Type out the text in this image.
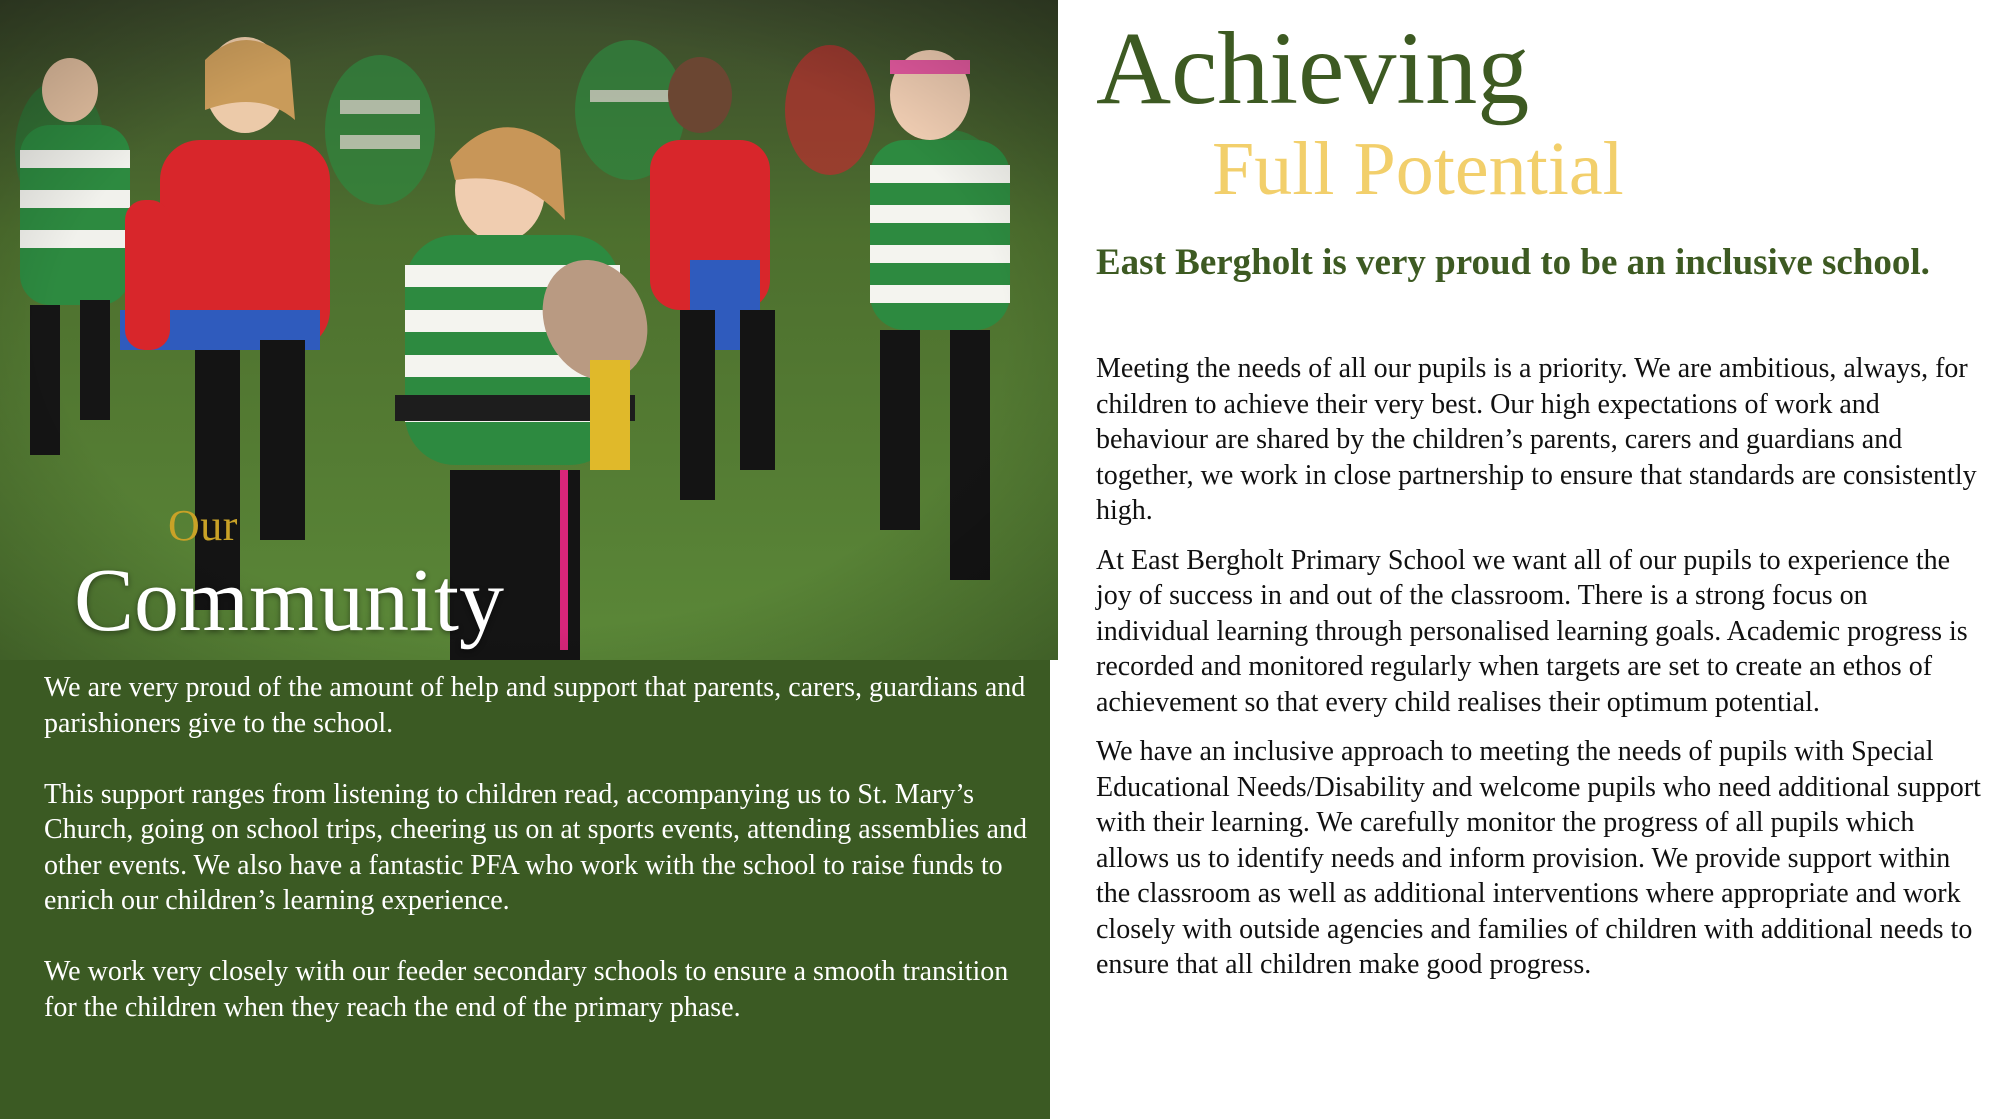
Our
Community

We are very proud of the amount of help and support that parents, carers, guardians and parishioners give to the school.

This support ranges from listening to children read, accompanying us to St. Mary’s Church, going on school trips, cheering us on at sports events, attending assemblies and other events. We also have a fantastic PFA who work with the school to raise funds to enrich our children’s learning experience.

We work very closely with our feeder secondary schools to ensure a smooth transition for the children when they reach the end of the primary phase.

Achieving
Full Potential
East Bergholt is very proud to be an inclusive school.

Meeting the needs of all our pupils is a priority. We are ambitious, always, for children to achieve their very best. Our high expectations of work and behaviour are shared by the children’s parents, carers and guardians and together, we work in close partnership to ensure that standards are consistently high.

At East Bergholt Primary School we want all of our pupils to experience the joy of success in and out of the classroom. There is a strong focus on individual learning through personalised learning goals. Academic progress is recorded and monitored regularly when targets are set to create an ethos of achievement so that every child realises their optimum potential.

We have an inclusive approach to meeting the needs of pupils with Special Educational Needs/Disability and welcome pupils who need additional support with their learning. We carefully monitor the progress of all pupils which allows us to identify needs and inform provision. We provide support within the classroom as well as additional interventions where appropriate and work closely with outside agencies and families of children with additional needs to ensure that all children make good progress.
